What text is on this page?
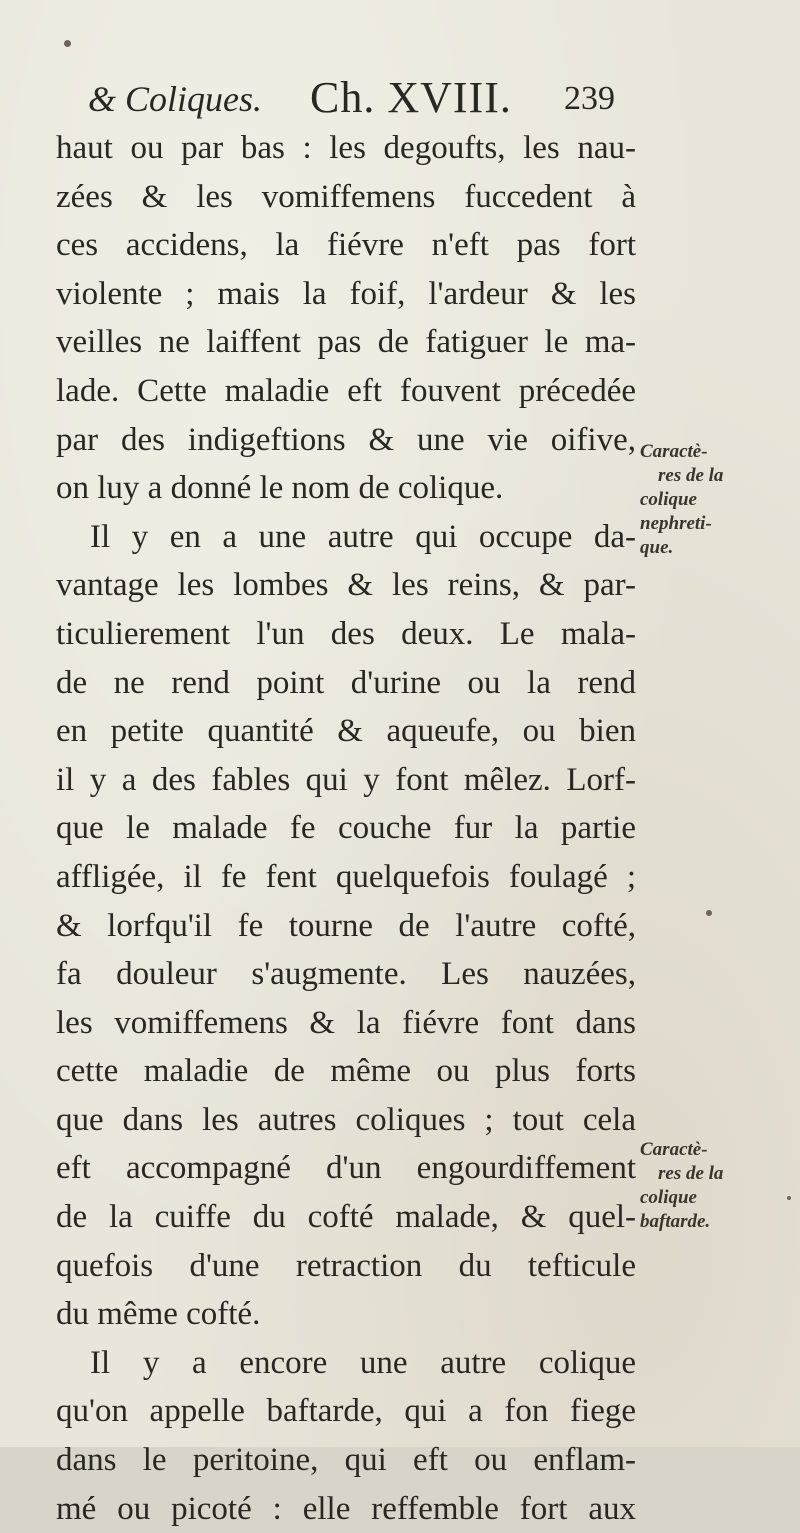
& Coliques. Ch. XVIII. 239
haut ou par bas : les degoufts, les nau-
zées & les vomiffemens fuccedent à
ces accidens, la fiévre n'eft pas fort
violente ; mais la foif, l'ardeur & les
veilles ne laiffent pas de fatiguer le ma-
lade. Cette maladie eft fouvent précedée
par des indigeftions & une vie oifive,
on luy a donné le nom de colique.
Il y en a une autre qui occupe da-
vantage les lombes & les reins, & par-
ticulierement l'un des deux. Le mala-
de ne rend point d'urine ou la rend
en petite quantité & aqueufe, ou bien
il y a des fables qui y font mêlez. Lorf-
que le malade fe couche fur la partie
affligée, il fe fent quelquefois foulagé ;
& lorfqu'il fe tourne de l'autre cofté,
fa douleur s'augmente. Les nauzées,
les vomiffemens & la fiévre font dans
cette maladie de même ou plus forts
que dans les autres coliques ; tout cela
eft accompagné d'un engourdiffement
de la cuiffe du cofté malade, & quel-
quefois d'une retraction du tefticule
du même cofté.
Il y a encore une autre colique
qu'on appelle baftarde, qui a fon fiege
dans le peritoine, qui eft ou enflam-
mé ou picoté : elle reffemble fort aux
Caractè-
res de la
colique
nephreti-
que.
Caractè-
res de la
colique
baftarde.
